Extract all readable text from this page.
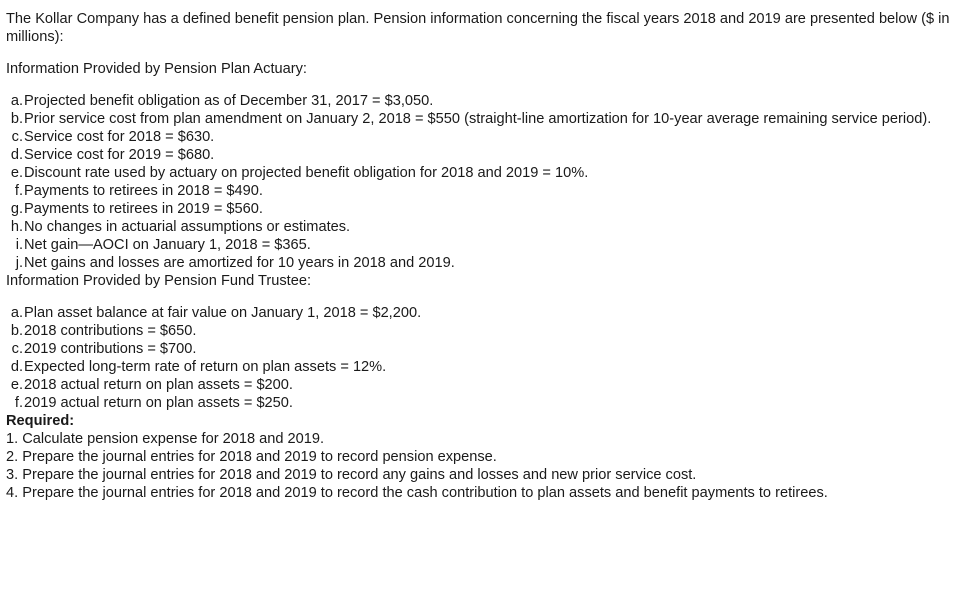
The Kollar Company has a defined benefit pension plan. Pension information concerning the fiscal years 2018 and 2019 are presented below ($ in millions):

Information Provided by Pension Plan Actuary:

a. Projected benefit obligation as of December 31, 2017 = $3,050.
b. Prior service cost from plan amendment on January 2, 2018 = $550 (straight-line amortization for 10-year average remaining service period).
c. Service cost for 2018 = $630.
d. Service cost for 2019 = $680.
e. Discount rate used by actuary on projected benefit obligation for 2018 and 2019 = 10%.
f. Payments to retirees in 2018 = $490.
g. Payments to retirees in 2019 = $560.
h. No changes in actuarial assumptions or estimates.
i. Net gain—AOCI on January 1, 2018 = $365.
j. Net gains and losses are amortized for 10 years in 2018 and 2019.

Information Provided by Pension Fund Trustee:

a. Plan asset balance at fair value on January 1, 2018 = $2,200.
b. 2018 contributions = $650.
c. 2019 contributions = $700.
d. Expected long-term rate of return on plan assets = 12%.
e. 2018 actual return on plan assets = $200.
f. 2019 actual return on plan assets = $250.

Required:

1. Calculate pension expense for 2018 and 2019.

2. Prepare the journal entries for 2018 and 2019 to record pension expense.

3. Prepare the journal entries for 2018 and 2019 to record any gains and losses and new prior service cost.

4. Prepare the journal entries for 2018 and 2019 to record the cash contribution to plan assets and benefit payments to retirees.
